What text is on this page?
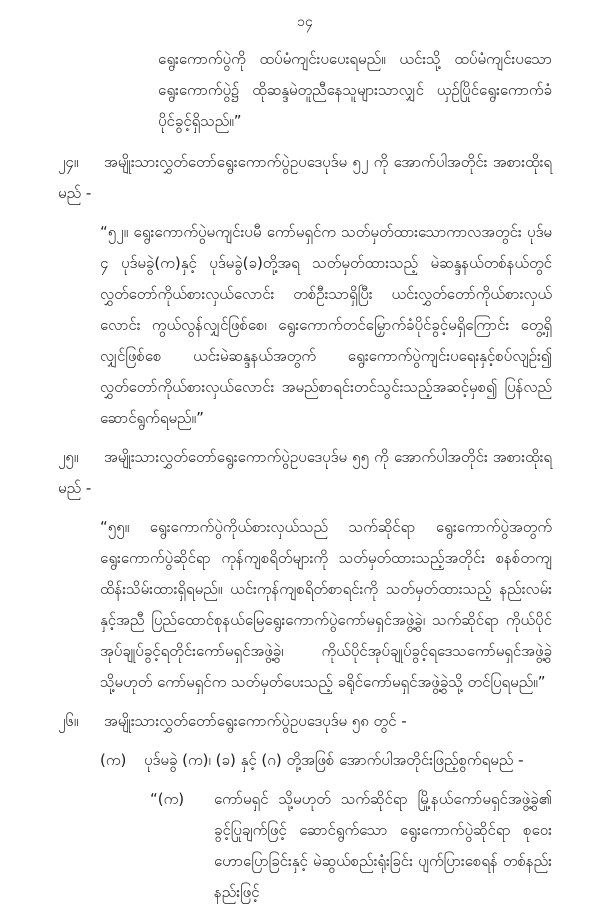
၁၄
ရွေးကောက်ပွဲကို ထပ်မံကျင်းပပေးရမည်။ ယင်းသို့ ထပ်မံကျင်းပသော ရွေးကောက်ပွဲ၌ ထိုဆန္ဒမဲတူညီနေသူများသာလျှင် ယှဉ်ပြိုင်ရွေးကောက်ခံပိုင်ခွင့်ရှိသည်။”

၂၄။ အမျိုးသားလွှတ်တော်ရွေးကောက်ပွဲဥပဒေပုဒ်မ ၅၂ ကို အောက်ပါအတိုင်း အစားထိုးရမည် -

“၅၂။ ရွေးကောက်ပွဲမကျင်းပမီ ကော်မရှင်က သတ်မှတ်ထားသောကာလအတွင်း ပုဒ်မ ၄ ပုဒ်မခွဲ(က)နှင့် ပုဒ်မခွဲ(ခ)တို့အရ သတ်မှတ်ထားသည့် မဲဆန္ဒနယ်တစ်နယ်တွင် လွှတ်တော်ကိုယ်စားလှယ်လောင်း တစ်ဦးသာရှိပြီး ယင်းလွှတ်တော်ကိုယ်စားလှယ်လောင်း ကွယ်လွန်လျှင်ဖြစ်စေ၊ ရွေးကောက်တင်မြှောက်ခံပိုင်ခွင့်မရှိကြောင်း တွေ့ရှိလျှင်ဖြစ်စေ ယင်းမဲဆန္ဒနယ်အတွက် ရွေးကောက်ပွဲကျင်းပရေးနှင့်စပ်လျဉ်း၍ လွှတ်တော်ကိုယ်စားလှယ်လောင်း အမည်စာရင်းတင်သွင်းသည့်အဆင့်မှစ၍ ပြန်လည်ဆောင်ရွက်ရမည်။”

၂၅။ အမျိုးသားလွှတ်တော်ရွေးကောက်ပွဲဥပဒေပုဒ်မ ၅၅ ကို အောက်ပါအတိုင်း အစားထိုးရမည် -

“၅၅။ ရွေးကောက်ပွဲကိုယ်စားလှယ်သည် သက်ဆိုင်ရာ ရွေးကောက်ပွဲအတွက် ရွေးကောက်ပွဲဆိုင်ရာ ကုန်ကျစရိတ်များကို သတ်မှတ်ထားသည့်အတိုင်း စနစ်တကျ ထိန်းသိမ်းထားရှိရမည်။ ယင်းကုန်ကျစရိတ်စာရင်းကို သတ်မှတ်ထားသည့် နည်းလမ်းနှင့်အညီ ပြည်ထောင်စုနယ်မြေရွေးကောက်ပွဲကော်မရှင်အဖွဲ့ခွဲ၊ သက်ဆိုင်ရာ ကိုယ်ပိုင်အုပ်ချုပ်ခွင့်ရတိုင်းကော်မရှင်အဖွဲ့ခွဲ၊ ကိုယ်ပိုင်အုပ်ချုပ်ခွင့်ရဒေသကော်မရှင်အဖွဲ့ခွဲ သို့မဟုတ် ကော်မရှင်က သတ်မှတ်ပေးသည့် ခရိုင်ကော်မရှင်အဖွဲ့ခွဲသို့ တင်ပြရမည်။”

၂၆။ အမျိုးသားလွှတ်တော်ရွေးကောက်ပွဲဥပဒေပုဒ်မ ၅၈ တွင် -

(က)	ပုဒ်မခွဲ (က)၊ (ခ) နှင့် (ဂ) တို့အဖြစ် အောက်ပါအတိုင်းဖြည့်စွက်ရမည် -
“(က)	ကော်မရှင် သို့မဟုတ် သက်ဆိုင်ရာ မြို့နယ်ကော်မရှင်အဖွဲ့ခွဲ၏ ခွင့်ပြုချက်ဖြင့် ဆောင်ရွက်သော ရွေးကောက်ပွဲဆိုင်ရာ စုဝေးဟောပြောခြင်းနှင့် မဲဆွယ်စည်းရုံးခြင်း ပျက်ပြားစေရန် တစ်နည်းနည်းဖြင့်
